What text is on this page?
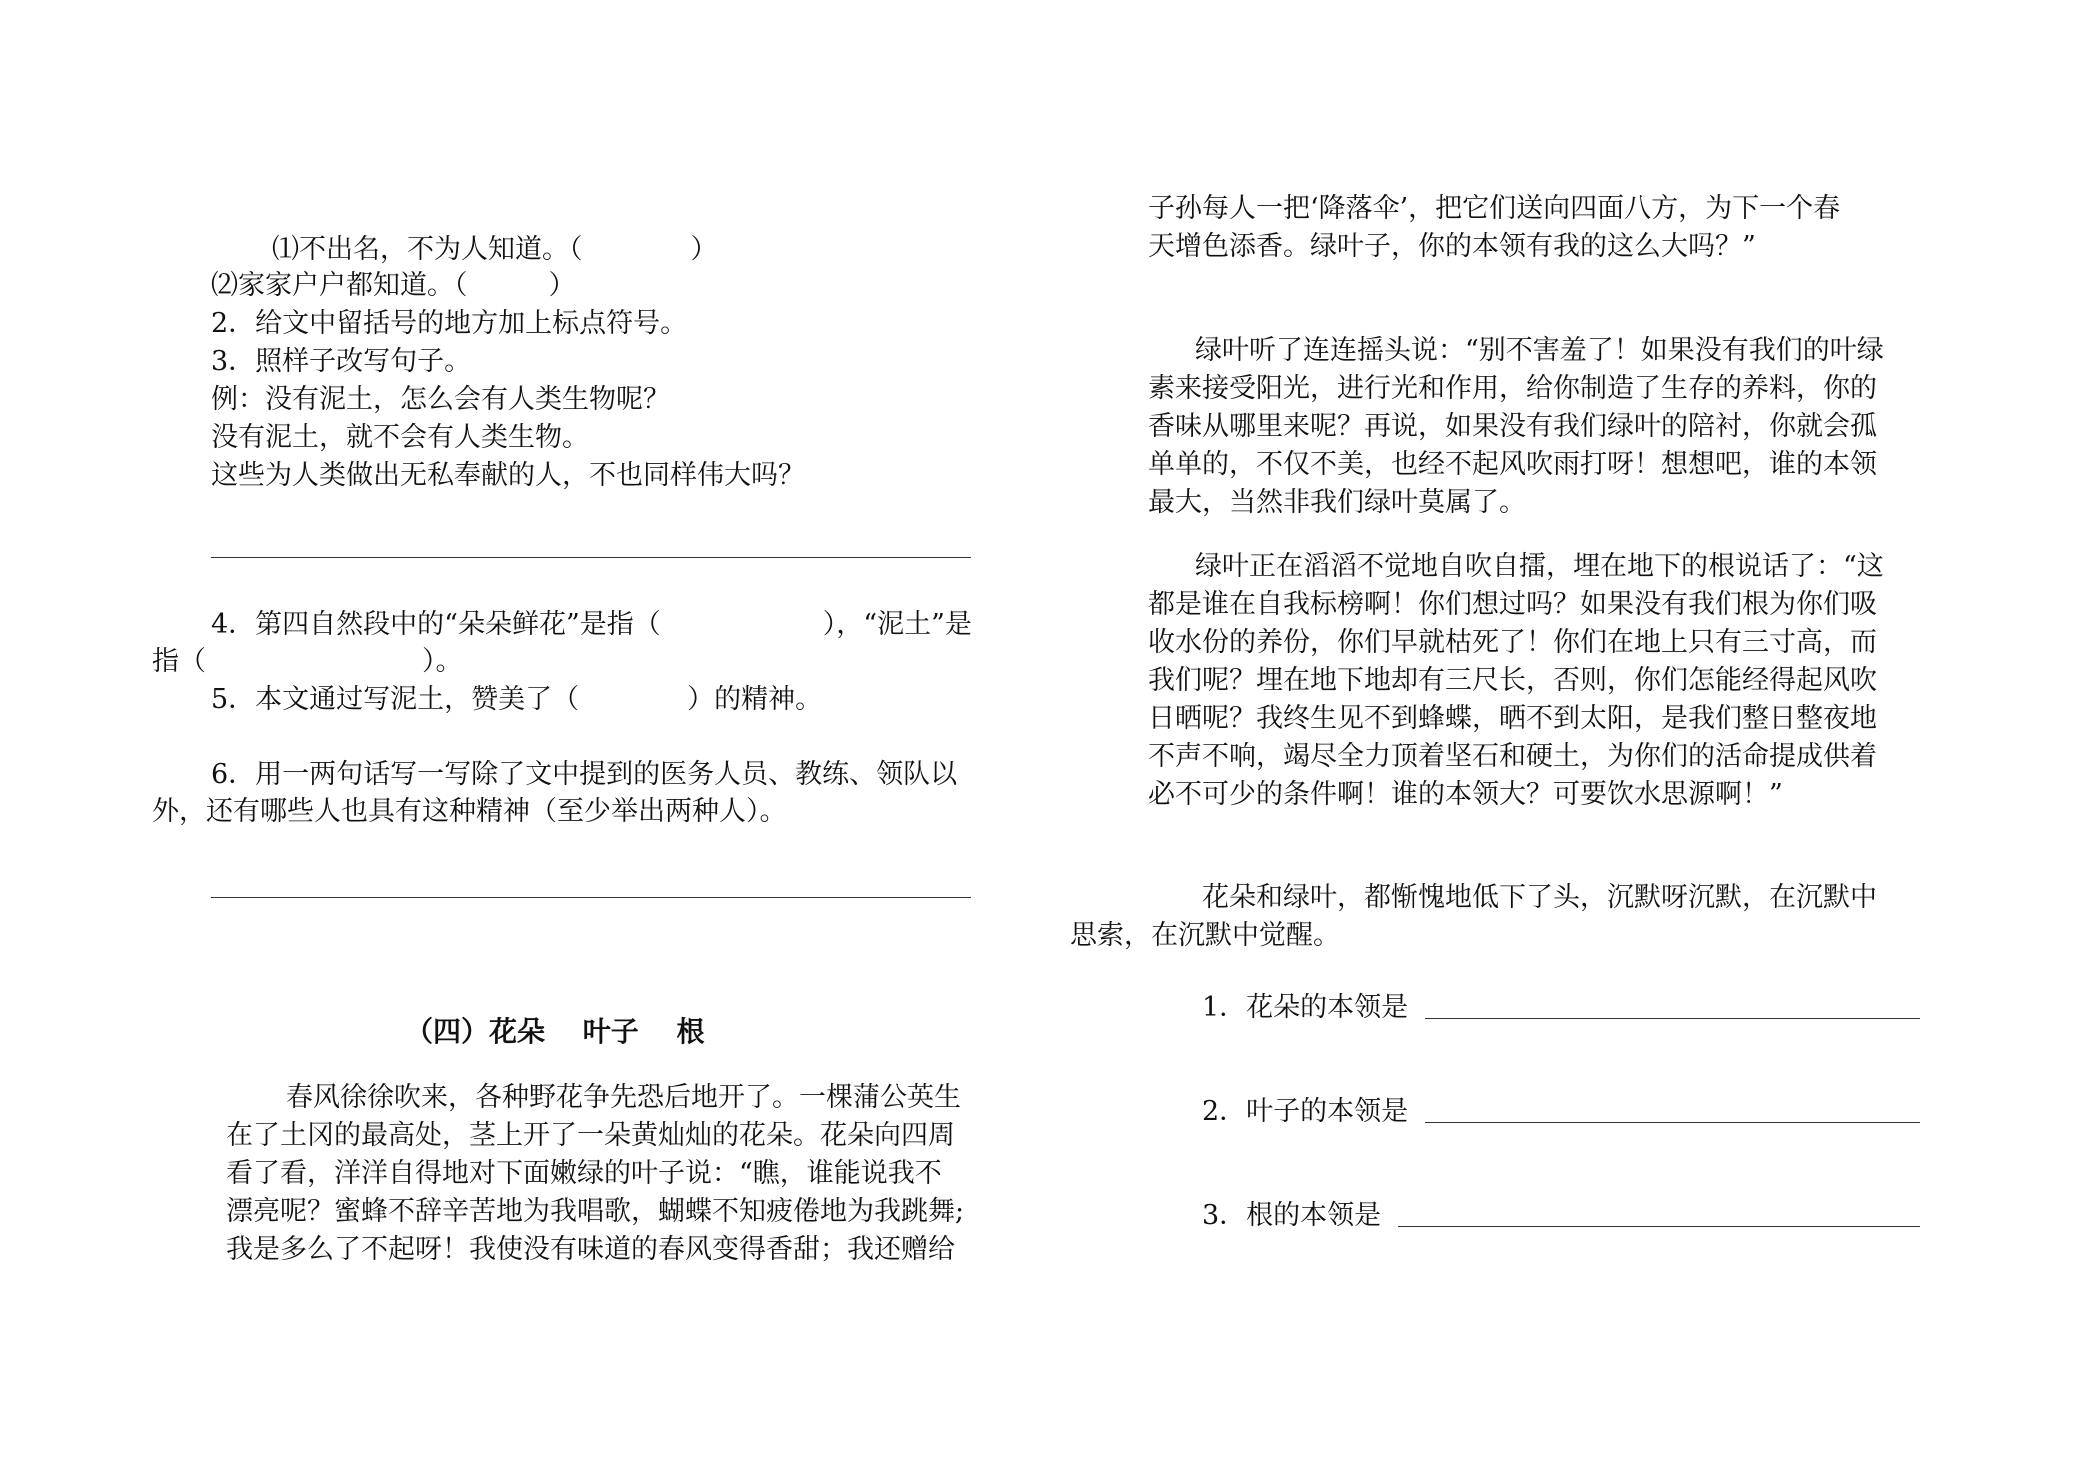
⑴不出名，不为人知道。（　　　　）
⑵家家户户都知道。（　　　）
2．给文中留括号的地方加上标点符号。
3．照样子改写句子。
例：没有泥土，怎么会有人类生物呢？
没有泥土，就不会有人类生物。
这些为人类做出无私奉献的人，不也同样伟大吗？
4．第四自然段中的“朵朵鲜花”是指（　　　　　　），“泥土”是
指（　　　　　　　　）。
5．本文通过写泥土，赞美了（　　　　）的精神。
6．用一两句话写一写除了文中提到的医务人员、教练、领队以
外，还有哪些人也具有这种精神（至少举出两种人）。
（四）花朵　 叶子　 根
春风徐徐吹来，各种野花争先恐后地开了。一棵蒲公英生
在了土冈的最高处，茎上开了一朵黄灿灿的花朵。花朵向四周
看了看，洋洋自得地对下面嫩绿的叶子说：“瞧，谁能说我不
漂亮呢？蜜蜂不辞辛苦地为我唱歌，蝴蝶不知疲倦地为我跳舞;
我是多么了不起呀！我使没有味道的春风变得香甜；我还赠给
子孙每人一把‘降落伞’，把它们送向四面八方，为下一个春
天增色添香。绿叶子，你的本领有我的这么大吗？”
绿叶听了连连摇头说：“别不害羞了！如果没有我们的叶绿
素来接受阳光，进行光和作用，给你制造了生存的养料，你的
香味从哪里来呢？再说，如果没有我们绿叶的陪衬，你就会孤
单单的，不仅不美，也经不起风吹雨打呀！想想吧，谁的本领
最大，当然非我们绿叶莫属了。
绿叶正在滔滔不觉地自吹自擂，埋在地下的根说话了：“这
都是谁在自我标榜啊！你们想过吗？如果没有我们根为你们吸
收水份的养份，你们早就枯死了！你们在地上只有三寸高，而
我们呢？埋在地下地却有三尺长，否则，你们怎能经得起风吹
日晒呢？我终生见不到蜂蝶，晒不到太阳，是我们整日整夜地
不声不响，竭尽全力顶着坚石和硬土，为你们的活命提成供着
必不可少的条件啊！谁的本领大？可要饮水思源啊！”
花朵和绿叶，都惭愧地低下了头，沉默呀沉默，在沉默中
思索，在沉默中觉醒。
1．花朵的本领是
2．叶子的本领是
3．根的本领是
